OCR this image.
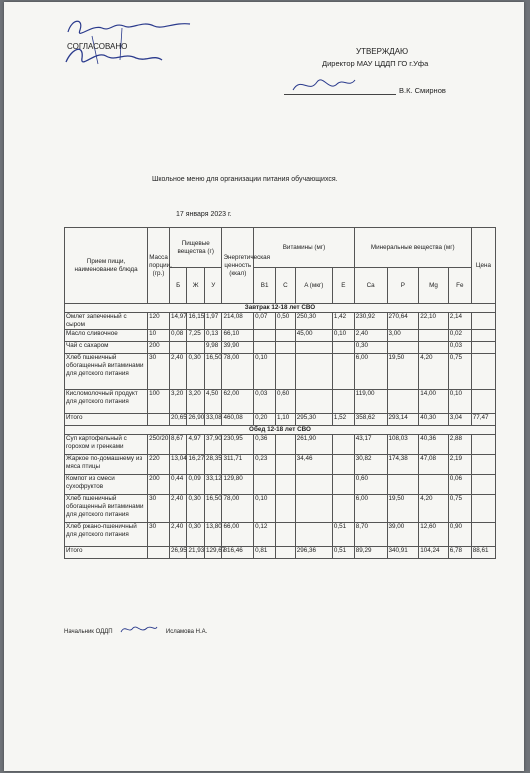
СОГЛАСОВАНО
УТВЕРЖДАЮ
Директор МАУ ЦДДП ГО г.Уфа
В.К. Смирнов
Школьное меню для организации питания обучающихся.
17 января 2023 г.
Прием пищи, наименование блюда	Масса порции, (гр.)	Пищевые вещества (г)			Энергетическая ценность (ккал)	Витамины (мг)				Минеральные вещества (мг)				Цена
		Б	Ж	У		B1	C	A (мкг)	E	Ca	P	Mg	Fe	
Завтрак 12-18 лет СВО														
Омлет запеченный с сыром	120	14,97	16,15	1,97	214,08	0,07	0,50	250,30	1,42	230,92	270,64	22,10	2,14	
Масло сливочное	10	0,08	7,25	0,13	66,10			45,00	0,10	2,40	3,00		0,02	
Чай с сахаром	200			9,98	39,90					0,30			0,03	
Хлеб пшеничный обогащенный витаминами для детского питания	30	2,40	0,30	16,50	78,00	0,10				6,00	19,50	4,20	0,75	
Кисломолочный продукт для детского питания	100	3,20	3,20	4,50	62,00	0,03	0,60			119,00		14,00	0,10	
Итого		20,65	26,90	33,08	460,08	0,20	1,10	295,30	1,52	358,62	293,14	40,30	3,04	77,47
Обед 12-18 лет СВО														
Суп картофельный с горохом и гренками	250/20	8,67	4,97	37,90	230,95	0,36		261,90		43,17	108,03	40,36	2,88	
Жаркое по-домашнему из мяса птицы	220	13,04	16,27	28,35	311,71	0,23		34,46		30,82	174,38	47,08	2,19	
Компот из смеси сухофруктов	200	0,44	0,09	33,12	129,80					0,60			0,06	
Хлеб пшеничный обогащенный витаминами для детского питания	30	2,40	0,30	16,50	78,00	0,10				6,00	19,50	4,20	0,75	
Хлеб ржано-пшеничный для детского питания	30	2,40	0,30	13,80	66,00	0,12			0,51	8,70	39,00	12,60	0,90	
Итого		26,95	21,93	129,67	816,46	0,81		296,36	0,51	89,29	340,91	104,24	6,78	88,61
Начальник ОДДП	Исламова Н.А.
